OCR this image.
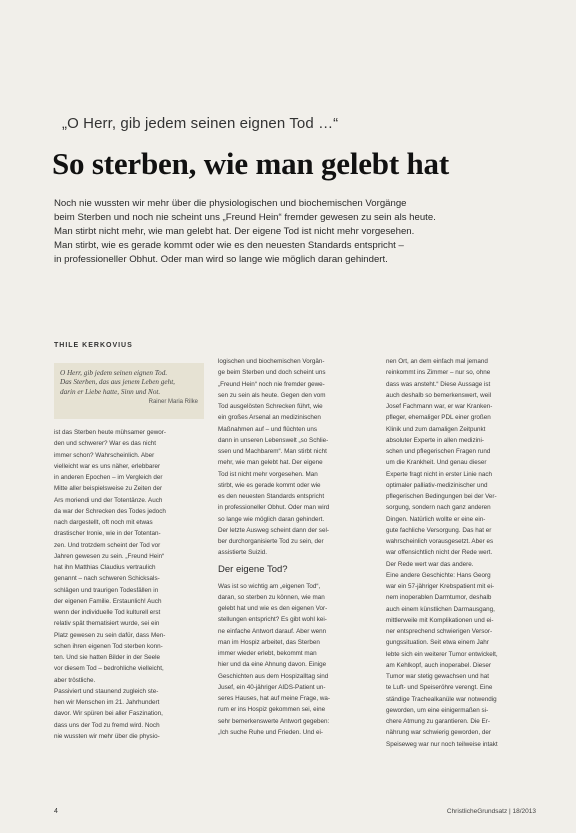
„O Herr, gib jedem seinen eignen Tod …“
So sterben, wie man gelebt hat

Noch nie wussten wir mehr über die physiologischen und biochemischen Vorgänge

beim Sterben und noch nie scheint uns „Freund Hein“ fremder gewesen zu sein als heute.

Man stirbt nicht mehr, wie man gelebt hat. Der eigene Tod ist nicht mehr vorgesehen.

Man stirbt, wie es gerade kommt oder wie es den neuesten Standards entspricht –

in professioneller Obhut. Oder man wird so lange wie möglich daran gehindert.

THILE KERKOVIUS

O Herr, gib jedem seinen eignen Tod.

Das Sterben, das aus jenem Leben geht,

darin er Liebe hatte, Sinn und Not.

Rainer Maria Rilke

ist das Sterben heute mühsamer gewor-

den und schwerer? War es das nicht

immer schon? Wahrscheinlich. Aber

vielleicht war es uns näher, erlebbarer

in anderen Epochen – im Vergleich der

Mitte aller beispielsweise zu Zeiten der

Ars moriendi und der Totentänze. Auch

da war der Schrecken des Todes jedoch

nach dargestellt, oft noch mit etwas

drastischer Ironie, wie in der Totentan-

zen. Und trotzdem scheint der Tod vor

Jahren gewesen zu sein. „Freund Hein“

hat ihn Matthias Claudius vertraulich

genannt – nach schweren Schicksals-

schlägen und traurigen Todesfällen in

der eigenen Familie. Erstaunlich! Auch

wenn der individuelle Tod kulturell erst

relativ spät thematisiert wurde, sei ein

Platz gewesen zu sein dafür, dass Men-

schen ihren eigenen Tod sterben konn-

ten. Und sie hatten Bilder in der Seele

vor diesem Tod – bedrohliche vielleicht,

aber tröstliche.

Passiviert und staunend zugleich ste-

hen wir Menschen im 21. Jahrhundert

davor. Wir spüren bei aller Faszination,

dass uns der Tod zu fremd wird. Noch

nie wussten wir mehr über die physio-

logischen und biochemischen Vorgän-

ge beim Sterben und doch scheint uns

„Freund Hein“ noch nie fremder gewe-

sen zu sein als heute. Gegen den vom

Tod ausgelösten Schrecken führt, wie

ein großes Arsenal an medizinischen

Maßnahmen auf – und flüchten uns

dann in unseren Lebenswelt „so Schlie-

ssen und Machbarem“. Man stirbt nicht

mehr, wie man gelebt hat. Der eigene

Tod ist nicht mehr vorgesehen. Man

stirbt, wie es gerade kommt oder wie

es den neuesten Standards entspricht

in professioneller Obhut. Oder man wird

so lange wie möglich daran gehindert.

Der letzte Ausweg scheint dann der sel-

ber durchorganisierte Tod zu sein, der

assistierte Suizid.

Der eigene Tod?

Was ist so wichtig am „eigenen Tod“,

daran, so sterben zu können, wie man

gelebt hat und wie es den eigenen Vor-

stellungen entspricht? Es gibt wohl kei-

ne einfache Antwort darauf. Aber wenn

man im Hospiz arbeitet, das Sterben

immer wieder erlebt, bekommt man

hier und da eine Ahnung davon. Einige

Geschichten aus dem Hospizalltag sind

Jusef, ein 40-jähriger AIDS-Patient un-

seres Hauses, hat auf meine Frage, wa-

rum er ins Hospiz gekommen sei, eine

sehr bemerkenswerte Antwort gegeben:

„Ich suche Ruhe und Frieden. Und ei-

nen Ort, an dem einfach mal jemand

reinkommt ins Zimmer – nur so, ohne

dass was ansteht.“ Diese Aussage ist

auch deshalb so bemerkenswert, weil

Josef Fachmann war, er war Kranken-

pfleger, ehemaliger PDL einer großen

Klinik und zum damaligen Zeitpunkt

absoluter Experte in allen medizini-

schen und pflegerischen Fragen rund

um die Krankheit. Und genau dieser

Experte fragt nicht in erster Linie nach

optimaler palliativ-medizinischer und

pflegerischen Bedingungen bei der Ver-

sorgung, sondern nach ganz anderen

Dingen. Natürlich wollte er eine ein-

gute fachliche Versorgung. Das hat er

wahrscheinlich vorausgesetzt. Aber es

war offensichtlich nicht der Rede wert.

Der Rede wert war das andere.

Eine andere Geschichte: Hans Georg

war ein 57-jähriger Krebspatient mit ei-

nem inoperablen Darmtumor, deshalb

auch einem künstlichen Darmausgang,

mittlerweile mit Komplikationen und ei-

ner entsprechend schwierigen Versor-

gungssituation. Seit etwa einem Jahr

lebte sich ein weiterer Tumor entwickelt,

am Kehlkopf, auch inoperabel. Dieser

Tumor war stetig gewachsen und hat

te Luft- und Speiseröhre verengt. Eine

ständige Trachealkanüle war notwendig

geworden, um eine einigermaßen si-

chere Atmung zu garantieren. Die Er-

nährung war schwierig geworden, der

Speiseweg war nur noch teilweise intakt

4	ChristlicheGrundsatz | 18/2013
